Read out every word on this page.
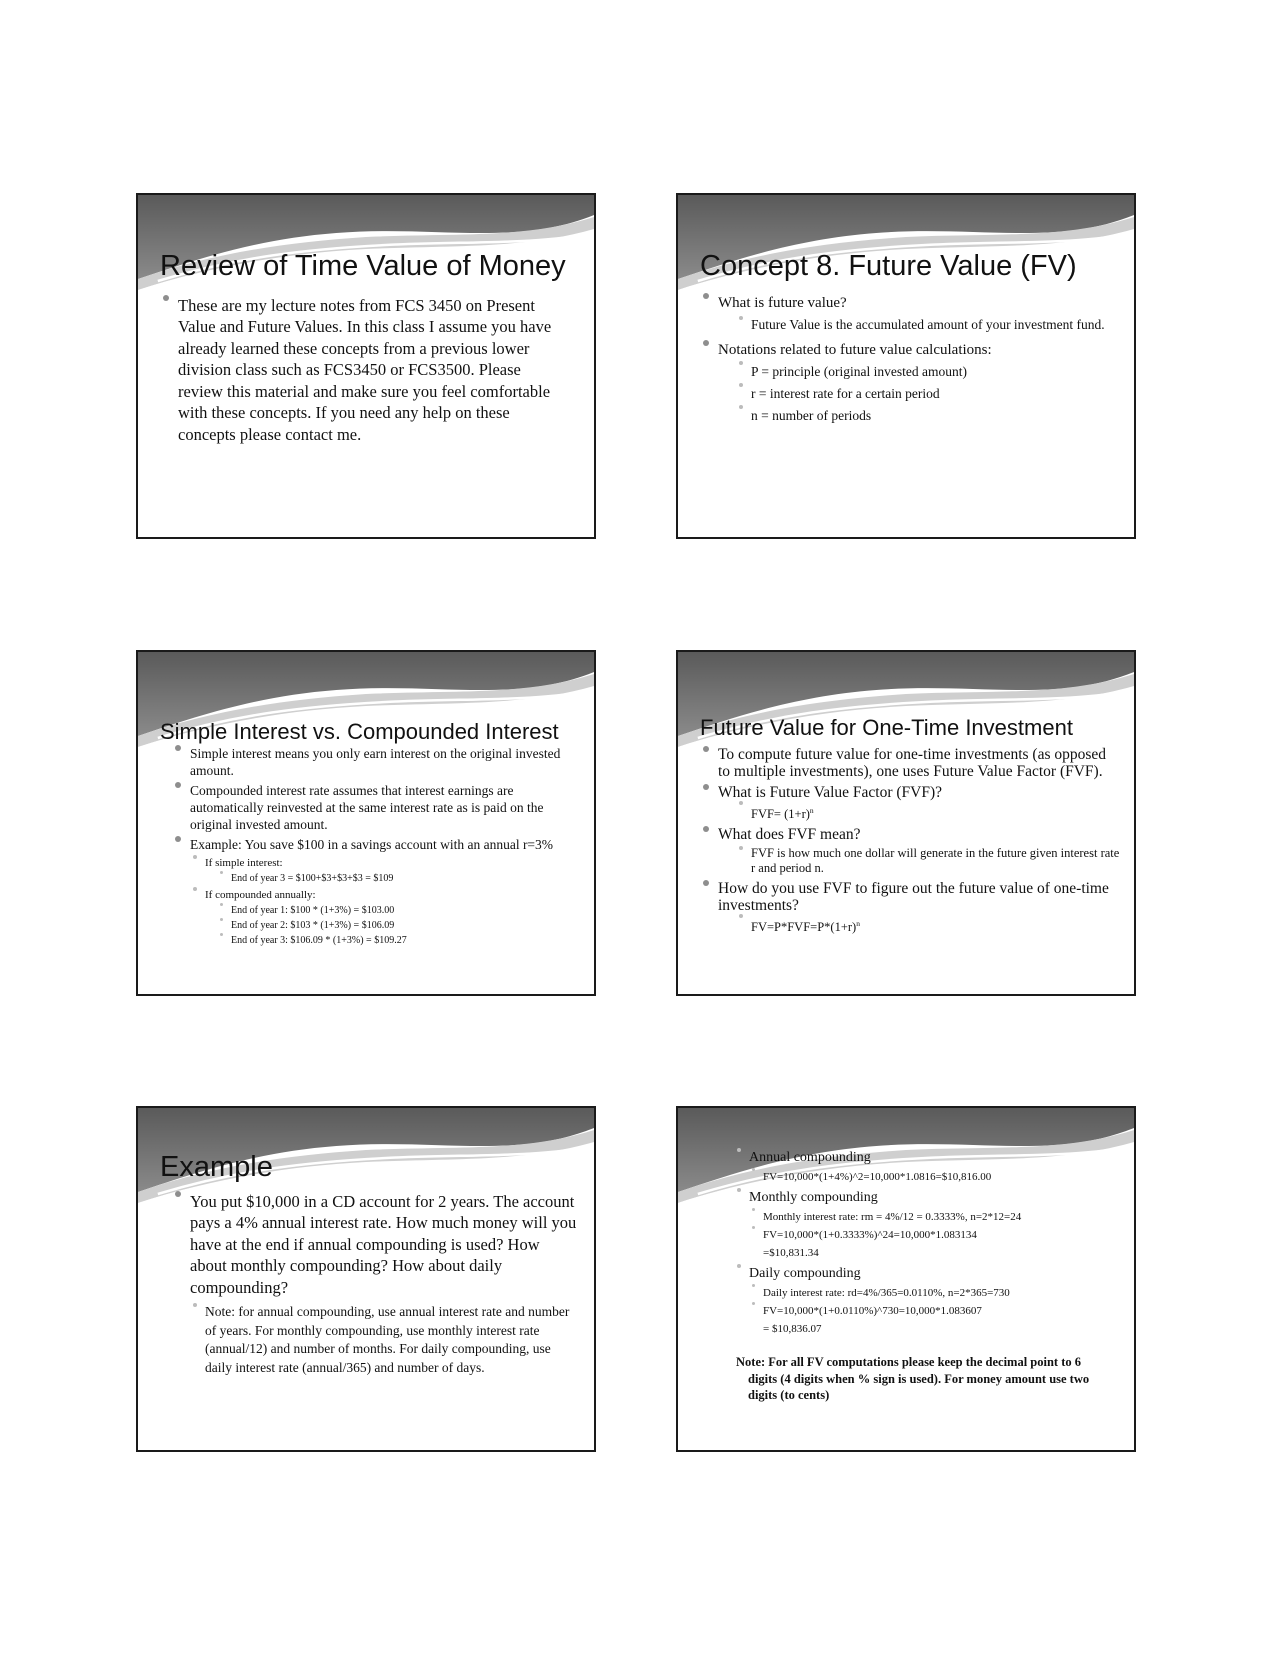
Review of Time Value of Money
These are my lecture notes from FCS 3450 on Present Value and Future Values. In this class I assume you have already learned these concepts from a previous lower division class such as FCS3450 or FCS3500. Please review this material and make sure you feel comfortable with these concepts. If you need any help on these concepts please contact me.
Concept 8. Future Value (FV)
What is future value?
Future Value is the accumulated amount of your investment fund.
Notations related to future value calculations:
P = principle (original invested amount)
r = interest rate for a certain period
n = number of periods
Simple Interest vs. Compounded Interest
Simple interest means you only earn interest on the original invested amount.
Compounded interest rate assumes that interest earnings are automatically reinvested at the same interest rate as is paid on the original invested amount.
Example: You save $100 in a savings account with an annual r=3%
If simple interest:
End of year 3 = $100+$3+$3+$3 = $109
If compounded annually:
End of year 1: $100 * (1+3%) = $103.00
End of year 2: $103 * (1+3%) = $106.09
End of year 3: $106.09 * (1+3%) = $109.27
Future Value for One-Time Investment
To compute future value for one-time investments (as opposed to multiple investments), one uses Future Value Factor (FVF).
What is Future Value Factor (FVF)?
$FVF= (1+r)^n$
What does FVF mean?
FVF is how much one dollar will generate in the future given interest rate r and period n.
How do you use FVF to figure out the future value of one-time investments?
$FV=P*FVF=P*(1+r)^n$
Example
You put $10,000 in a CD account for 2 years. The account pays a 4% annual interest rate. How much money will you have at the end if annual compounding is used? How about monthly compounding? How about daily compounding?
Note: for annual compounding, use annual interest rate and number of years. For monthly compounding, use monthly interest rate (annual/12) and number of months. For daily compounding, use daily interest rate (annual/365) and number of days.
Annual compounding
FV=10,000*(1+4%)^2=10,000*1.0816=$10,816.00
Monthly compounding
Monthly interest rate: rm = 4%/12 = 0.3333%, n=2*12=24
FV=10,000*(1+0.3333%)^24=10,000*1.083134
=$10,831.34
Daily compounding
Daily interest rate: rd=4%/365=0.0110%, n=2*365=730
FV=10,000*(1+0.0110%)^730=10,000*1.083607
= $10,836.07
Note: For all FV computations please keep the decimal point to 6 digits (4 digits when % sign is used). For money amount use two digits (to cents)
